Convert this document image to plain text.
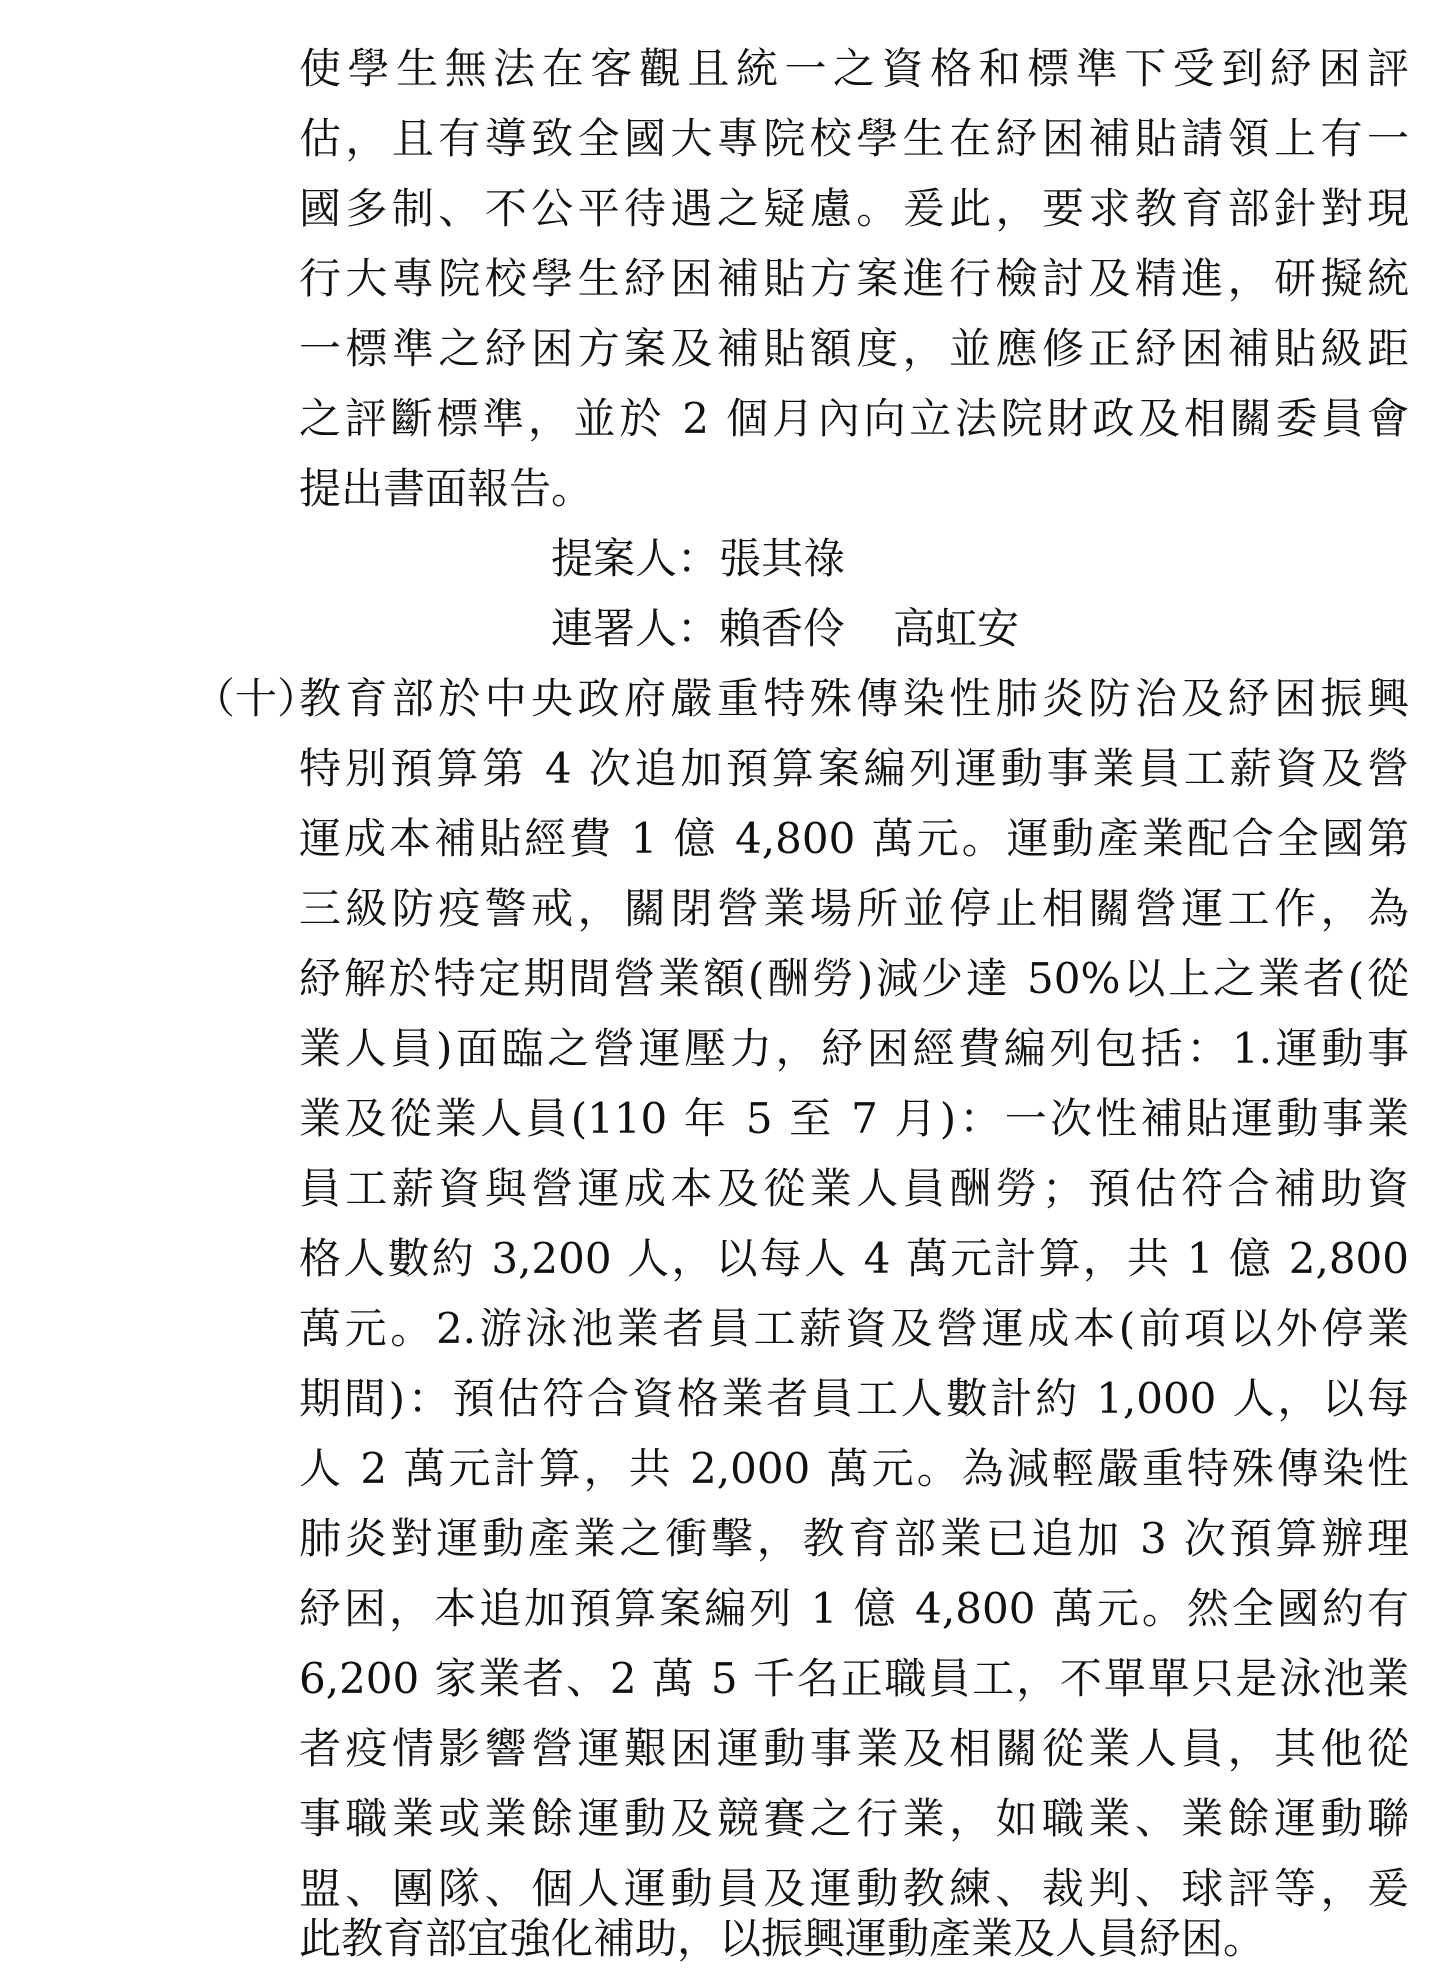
使學生無法在客觀且統一之資格和標準下受到紓困評
估，且有導致全國大專院校學生在紓困補貼請領上有一
國多制、不公平待遇之疑慮。爰此，要求教育部針對現
行大專院校學生紓困補貼方案進行檢討及精進，研擬統
一標準之紓困方案及補貼額度，並應修正紓困補貼級距
之評斷標準，並於 2 個月內向立法院財政及相關委員會
提出書面報告。
提案人：張其祿
連署人：賴香伶 高虹安
（十）
教育部於中央政府嚴重特殊傳染性肺炎防治及紓困振興
特別預算第 4 次追加預算案編列運動事業員工薪資及營
運成本補貼經費 1 億 4,800 萬元。運動產業配合全國第
三級防疫警戒，關閉營業場所並停止相關營運工作，為
紓解於特定期間營業額(酬勞)減少達 50%以上之業者(從
業人員)面臨之營運壓力，紓困經費編列包括：1.運動事
業及從業人員(110 年 5 至 7 月)：一次性補貼運動事業
員工薪資與營運成本及從業人員酬勞；預估符合補助資
格人數約 3,200 人，以每人 4 萬元計算，共 1 億 2,800
萬元。2.游泳池業者員工薪資及營運成本(前項以外停業
期間)：預估符合資格業者員工人數計約 1,000 人，以每
人 2 萬元計算，共 2,000 萬元。為減輕嚴重特殊傳染性
肺炎對運動產業之衝擊，教育部業已追加 3 次預算辦理
紓困，本追加預算案編列 1 億 4,800 萬元。然全國約有
6,200 家業者、2 萬 5 千名正職員工，不單單只是泳池業
者疫情影響營運艱困運動事業及相關從業人員，其他從
事職業或業餘運動及競賽之行業，如職業、業餘運動聯
盟、團隊、個人運動員及運動教練、裁判、球評等，爰
此教育部宜強化補助，以振興運動產業及人員紓困。
